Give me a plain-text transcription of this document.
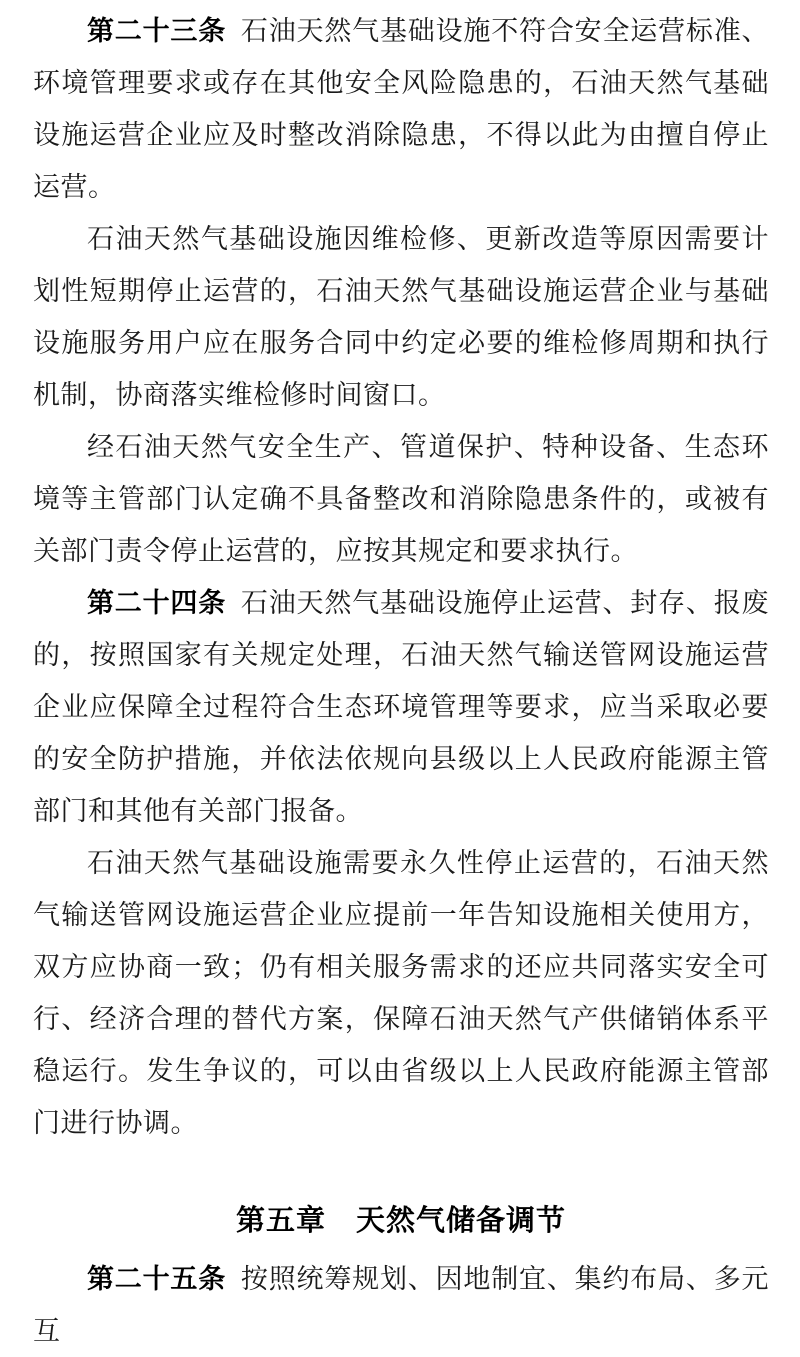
第二十三条 石油天然气基础设施不符合安全运营标准、环境管理要求或存在其他安全风险隐患的，石油天然气基础设施运营企业应及时整改消除隐患，不得以此为由擅自停止运营。

石油天然气基础设施因维检修、更新改造等原因需要计划性短期停止运营的，石油天然气基础设施运营企业与基础设施服务用户应在服务合同中约定必要的维检修周期和执行机制，协商落实维检修时间窗口。

经石油天然气安全生产、管道保护、特种设备、生态环境等主管部门认定确不具备整改和消除隐患条件的，或被有关部门责令停止运营的，应按其规定和要求执行。

第二十四条 石油天然气基础设施停止运营、封存、报废的，按照国家有关规定处理，石油天然气输送管网设施运营企业应保障全过程符合生态环境管理等要求，应当采取必要的安全防护措施，并依法依规向县级以上人民政府能源主管部门和其他有关部门报备。

石油天然气基础设施需要永久性停止运营的，石油天然气输送管网设施运营企业应提前一年告知设施相关使用方，双方应协商一致；仍有相关服务需求的还应共同落实安全可行、经济合理的替代方案，保障石油天然气产供储销体系平稳运行。发生争议的，可以由省级以上人民政府能源主管部门进行协调。

第五章　天然气储备调节

第二十五条 按照统筹规划、因地制宜、集约布局、多元互
